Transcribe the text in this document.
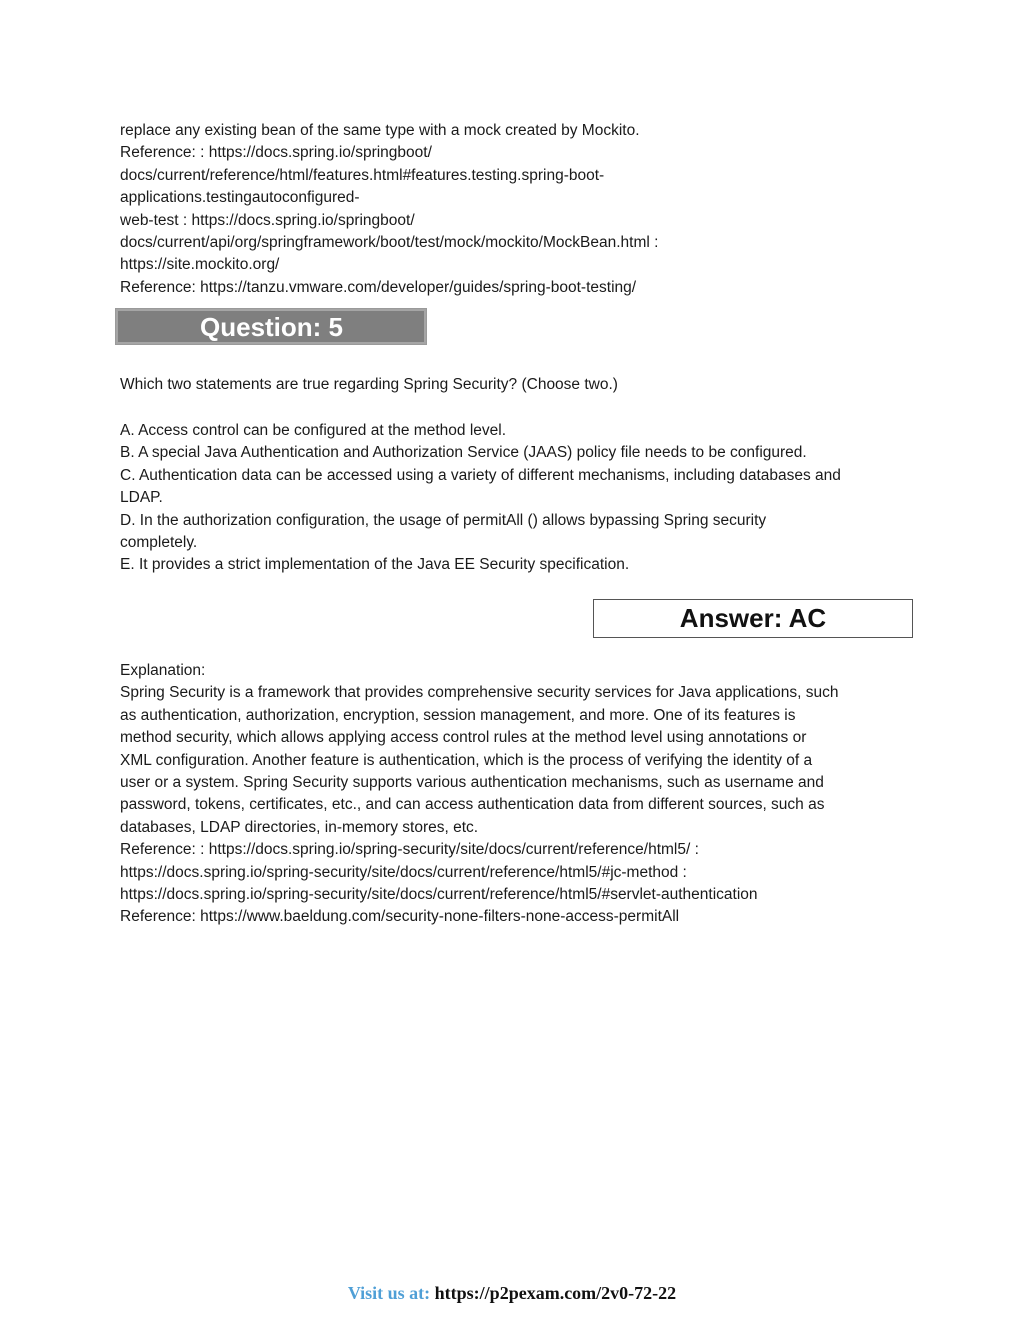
replace any existing bean of the same type with a mock created by Mockito.
Reference: : https://docs.spring.io/springboot/
docs/current/reference/html/features.html#features.testing.spring-boot-
applications.testingautoconfigured-
web-test : https://docs.spring.io/springboot/
docs/current/api/org/springframework/boot/test/mock/mockito/MockBean.html :
https://site.mockito.org/
Reference: https://tanzu.vmware.com/developer/guides/spring-boot-testing/
Question: 5
Which two statements are true regarding Spring Security? (Choose two.)
A. Access control can be configured at the method level.
B. A special Java Authentication and Authorization Service (JAAS) policy file needs to be configured.
C. Authentication data can be accessed using a variety of different mechanisms, including databases and
LDAP.
D. In the authorization configuration, the usage of permitAll () allows bypassing Spring security
completely.
E. It provides a strict implementation of the Java EE Security specification.
Answer: AC
Explanation:
Spring Security is a framework that provides comprehensive security services for Java applications, such
as authentication, authorization, encryption, session management, and more. One of its features is
method security, which allows applying access control rules at the method level using annotations or
XML configuration. Another feature is authentication, which is the process of verifying the identity of a
user or a system. Spring Security supports various authentication mechanisms, such as username and
password, tokens, certificates, etc., and can access authentication data from different sources, such as
databases, LDAP directories, in-memory stores, etc.
Reference: : https://docs.spring.io/spring-security/site/docs/current/reference/html5/ :
https://docs.spring.io/spring-security/site/docs/current/reference/html5/#jc-method :
https://docs.spring.io/spring-security/site/docs/current/reference/html5/#servlet-authentication
Reference: https://www.baeldung.com/security-none-filters-none-access-permitAll
Visit us at: https://p2pexam.com/2v0-72-22
